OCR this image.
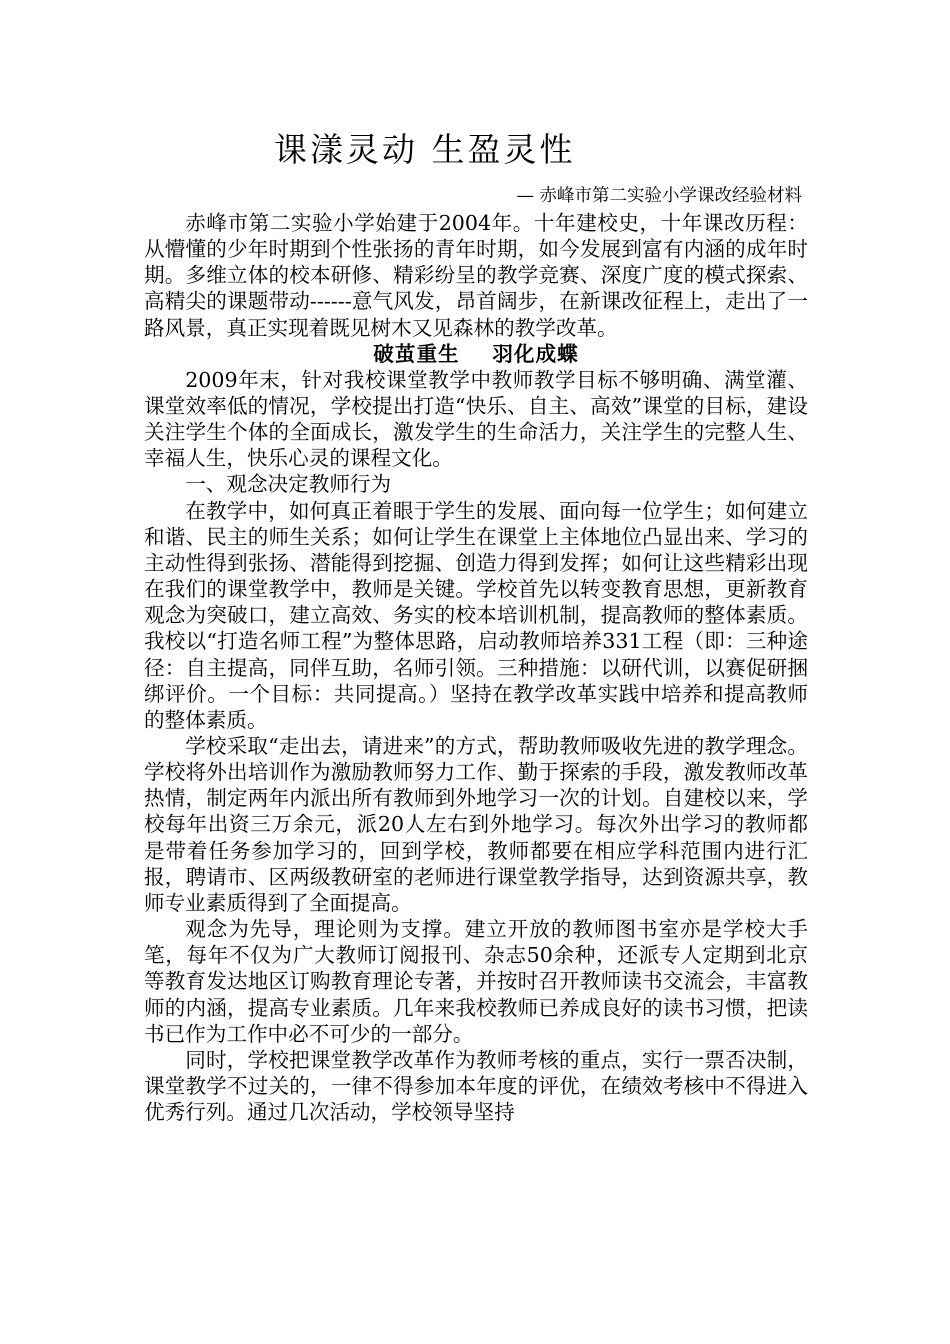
课漾灵动 生盈灵性
— 赤峰市第二实验小学课改经验材料

赤峰市第二实验小学始建于2004年。十年建校史，十年课改历程：从懵懂的少年时期到个性张扬的青年时期，如今发展到富有内涵的成年时期。多维立体的校本研修、精彩纷呈的教学竞赛、深度广度的模式探索、高精尖的课题带动------意气风发，昂首阔步，在新课改征程上，走出了一路风景，真正实现着既见树木又见森林的教学改革。

破茧重生    羽化成蝶

2009年末，针对我校课堂教学中教师教学目标不够明确、满堂灌、课堂效率低的情况，学校提出打造“快乐、自主、高效”课堂的目标，建设关注学生个体的全面成长，激发学生的生命活力，关注学生的完整人生、幸福人生，快乐心灵的课程文化。

一、观念决定教师行为

在教学中，如何真正着眼于学生的发展、面向每一位学生；如何建立和谐、民主的师生关系；如何让学生在课堂上主体地位凸显出来、学习的主动性得到张扬、潜能得到挖掘、创造力得到发挥；如何让这些精彩出现在我们的课堂教学中，教师是关键。学校首先以转变教育思想，更新教育观念为突破口，建立高效、务实的校本培训机制，提高教师的整体素质。我校以“打造名师工程”为整体思路，启动教师培养331工程（即：三种途径：自主提高，同伴互助，名师引领。三种措施：以研代训，以赛促研捆绑评价。一个目标：共同提高。）坚持在教学改革实践中培养和提高教师的整体素质。

学校采取“走出去，请进来”的方式，帮助教师吸收先进的教学理念。学校将外出培训作为激励教师努力工作、勤于探索的手段，激发教师改革热情，制定两年内派出所有教师到外地学习一次的计划。自建校以来，学校每年出资三万余元，派20人左右到外地学习。每次外出学习的教师都是带着任务参加学习的，回到学校，教师都要在相应学科范围内进行汇报，聘请市、区两级教研室的老师进行课堂教学指导，达到资源共享，教师专业素质得到了全面提高。

观念为先导，理论则为支撑。建立开放的教师图书室亦是学校大手笔，每年不仅为广大教师订阅报刊、杂志50余种，还派专人定期到北京等教育发达地区订购教育理论专著，并按时召开教师读书交流会，丰富教师的内涵，提高专业素质。几年来我校教师已养成良好的读书习惯，把读书已作为工作中必不可少的一部分。

同时，学校把课堂教学改革作为教师考核的重点，实行一票否决制，课堂教学不过关的，一律不得参加本年度的评优，在绩效考核中不得进入优秀行列。通过几次活动，学校领导坚持
